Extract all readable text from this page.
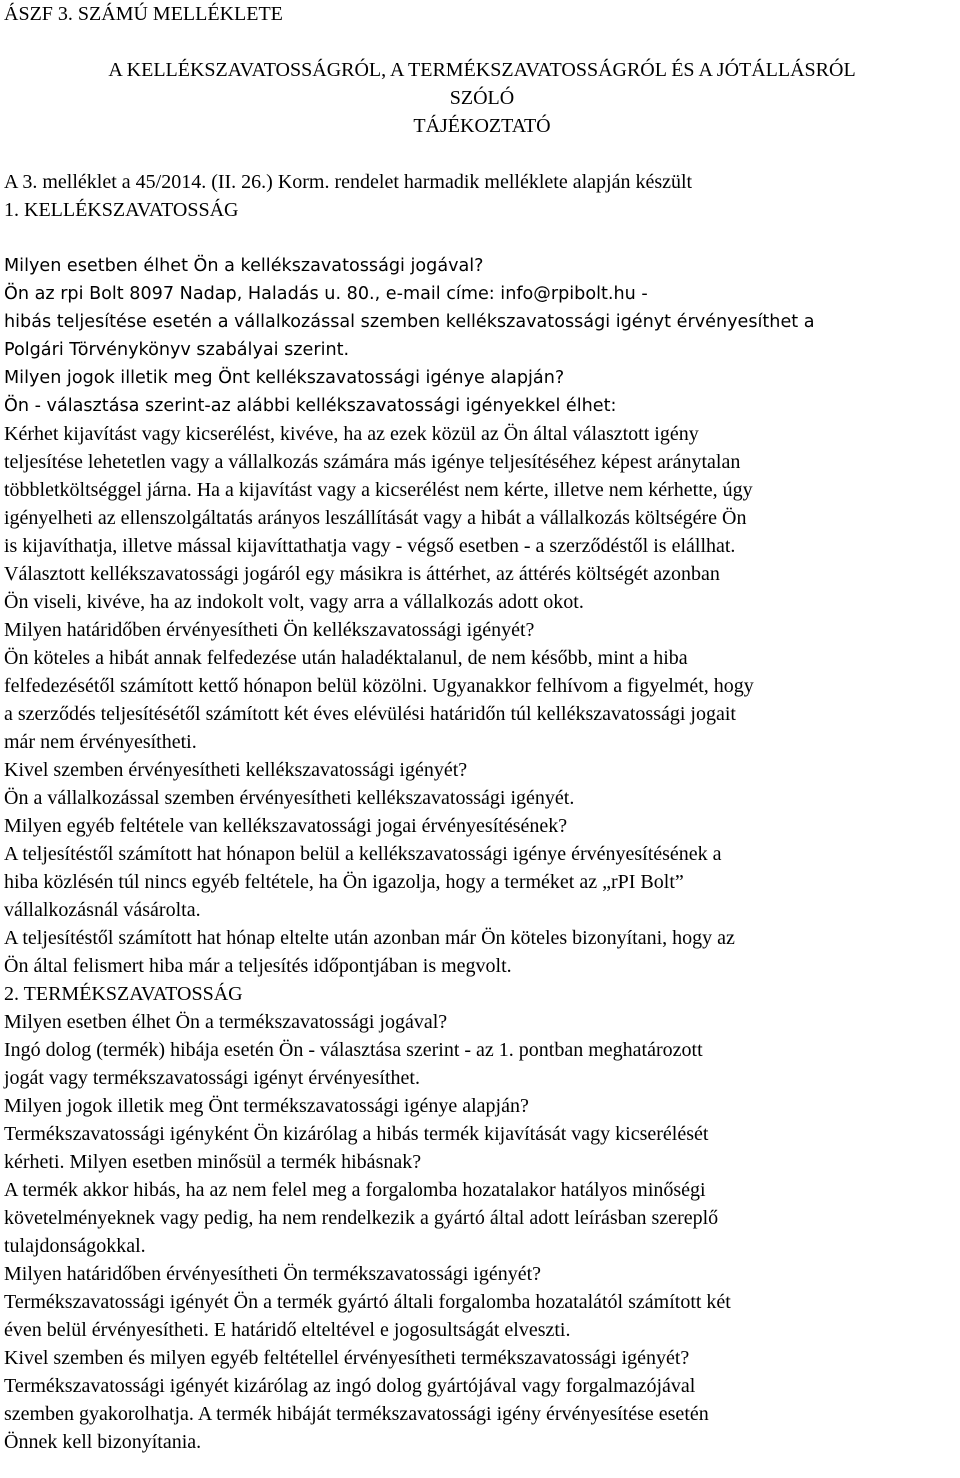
ÁSZF 3. SZÁMÚ MELLÉKLETE
A KELLÉKSZAVATOSSÁGRÓL, A TERMÉKSZAVATOSSÁGRÓL ÉS A JÓTÁLLÁSRÓL
SZÓLÓ
TÁJÉKOZTATÓ
A 3. melléklet a 45/2014. (II. 26.) Korm. rendelet harmadik melléklete alapján készült
1. KELLÉKSZAVATOSSÁG
Milyen esetben élhet Ön a kellékszavatossági jogával?
Ön az rpi Bolt 8097 Nadap, Haladás u. 80., e-mail címe: info@rpibolt.hu -
hibás teljesítése esetén a vállalkozással szemben kellékszavatossági igényt érvényesíthet a
Polgári Törvénykönyv szabályai szerint.
Milyen jogok illetik meg Önt kellékszavatossági igénye alapján?
Ön - választása szerint-az alábbi kellékszavatossági igényekkel élhet:
Kérhet kijavítást vagy kicserélést, kivéve, ha az ezek közül az Ön által választott igény
teljesítése lehetetlen vagy a vállalkozás számára más igénye teljesítéséhez képest aránytalan
többletköltséggel járna. Ha a kijavítást vagy a kicserélést nem kérte, illetve nem kérhette, úgy
igényelheti az ellenszolgáltatás arányos leszállítását vagy a hibát a vállalkozás költségére Ön
is kijavíthatja, illetve mással kijavíttathatja vagy - végső esetben - a szerződéstől is elállhat.
Választott kellékszavatossági jogáról egy másikra is áttérhet, az áttérés költségét azonban
Ön viseli, kivéve, ha az indokolt volt, vagy arra a vállalkozás adott okot.
Milyen határidőben érvényesítheti Ön kellékszavatossági igényét?
Ön köteles a hibát annak felfedezése után haladéktalanul, de nem később, mint a hiba
felfedezésétől számított kettő hónapon belül közölni. Ugyanakkor felhívom a figyelmét, hogy
a szerződés teljesítésétől számított két éves elévülési határidőn túl kellékszavatossági jogait
már nem érvényesítheti.
Kivel szemben érvényesítheti kellékszavatossági igényét?
Ön a vállalkozással szemben érvényesítheti kellékszavatossági igényét.
Milyen egyéb feltétele van kellékszavatossági jogai érvényesítésének?
A teljesítéstől számított hat hónapon belül a kellékszavatossági igénye érvényesítésének a
hiba közlésén túl nincs egyéb feltétele, ha Ön igazolja, hogy a terméket az „rPI Bolt”
vállalkozásnál vásárolta.
A teljesítéstől számított hat hónap eltelte után azonban már Ön köteles bizonyítani, hogy az
Ön által felismert hiba már a teljesítés időpontjában is megvolt.
2. TERMÉKSZAVATOSSÁG
Milyen esetben élhet Ön a termékszavatossági jogával?
Ingó dolog (termék) hibája esetén Ön - választása szerint - az 1. pontban meghatározott
jogát vagy termékszavatossági igényt érvényesíthet.
Milyen jogok illetik meg Önt termékszavatossági igénye alapján?
Termékszavatossági igényként Ön kizárólag a hibás termék kijavítását vagy kicserélését
kérheti. Milyen esetben minősül a termék hibásnak?
A termék akkor hibás, ha az nem felel meg a forgalomba hozatalakor hatályos minőségi
követelményeknek vagy pedig, ha nem rendelkezik a gyártó által adott leírásban szereplő
tulajdonságokkal.
Milyen határidőben érvényesítheti Ön termékszavatossági igényét?
Termékszavatossági igényét Ön a termék gyártó általi forgalomba hozatalától számított két
éven belül érvényesítheti. E határidő elteltével e jogosultságát elveszti.
Kivel szemben és milyen egyéb feltétellel érvényesítheti termékszavatossági igényét?
Termékszavatossági igényét kizárólag az ingó dolog gyártójával vagy forgalmazójával
szemben gyakorolhatja. A termék hibáját termékszavatossági igény érvényesítése esetén
Önnek kell bizonyítania.
